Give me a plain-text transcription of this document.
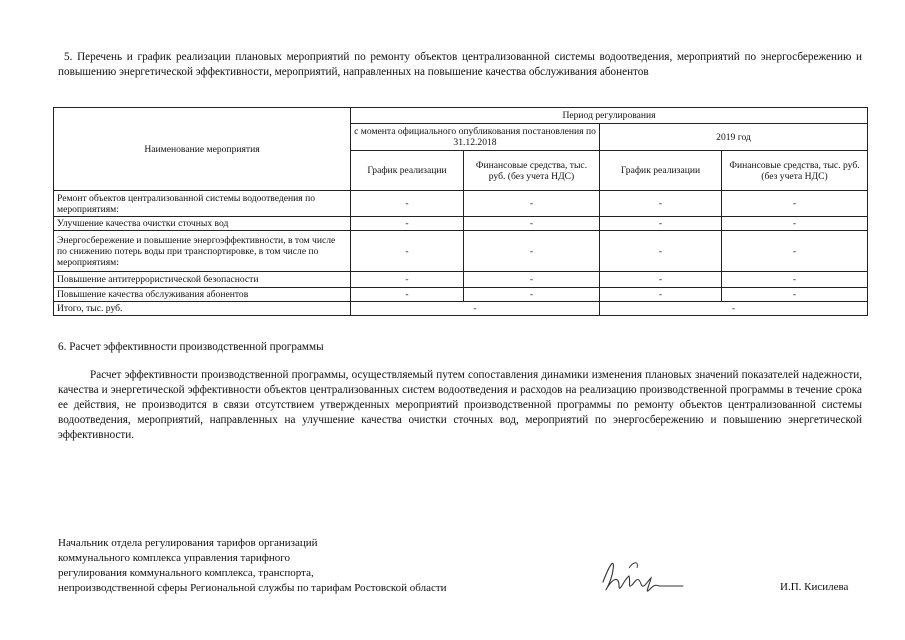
5. Перечень и график реализации плановых мероприятий по ремонту объектов централизованной системы водоотведения, мероприятий по энергосбережению и повышению энергетической эффективности, мероприятий, направленных на повышение качества обслуживания абонентов
Наименование мероприятия	Период регулирования			
	с момента официального опубликования постановления по 31.12.2018		2019 год	
	График реализации	Финансовые средства, тыс. руб. (без учета НДС)	График реализации	Финансовые средства, тыс. руб. (без учета НДС)
Ремонт объектов централизованной системы водоотведения по мероприятиям:	-	-	-	-
Улучшение качества очистки сточных вод	-	-	-	-
Энергосбережение и повышение энергоэффективности, в том числе по снижению потерь воды при транспортировке, в том числе по мероприятиям:	-	-	-	-
Повышение антитеррористической безопасности	-	-	-	-
Повышение качества обслуживания абонентов	-	-	-	-
Итого, тыс. руб.	-		-	
6. Расчет эффективности производственной программы
Расчет эффективности производственной программы, осуществляемый путем сопоставления динамики изменения плановых значений показателей надежности, качества и энергетической эффективности объектов централизованных систем водоотведения и расходов на реализацию производственной программы в течение срока ее действия, не производится в связи отсутствием утвержденных мероприятий производственной программы по ремонту объектов централизованной системы водоотведения, мероприятий, направленных на улучшение качества очистки сточных вод, мероприятий по энергосбережению и повышению энергетической эффективности.
Начальник отдела регулирования тарифов организаций
коммунального комплекса управления тарифного
регулирования коммунального комплекса, транспорта,
непроизводственной сферы Региональной службы по тарифам Ростовской области	И.П. Кисилева
